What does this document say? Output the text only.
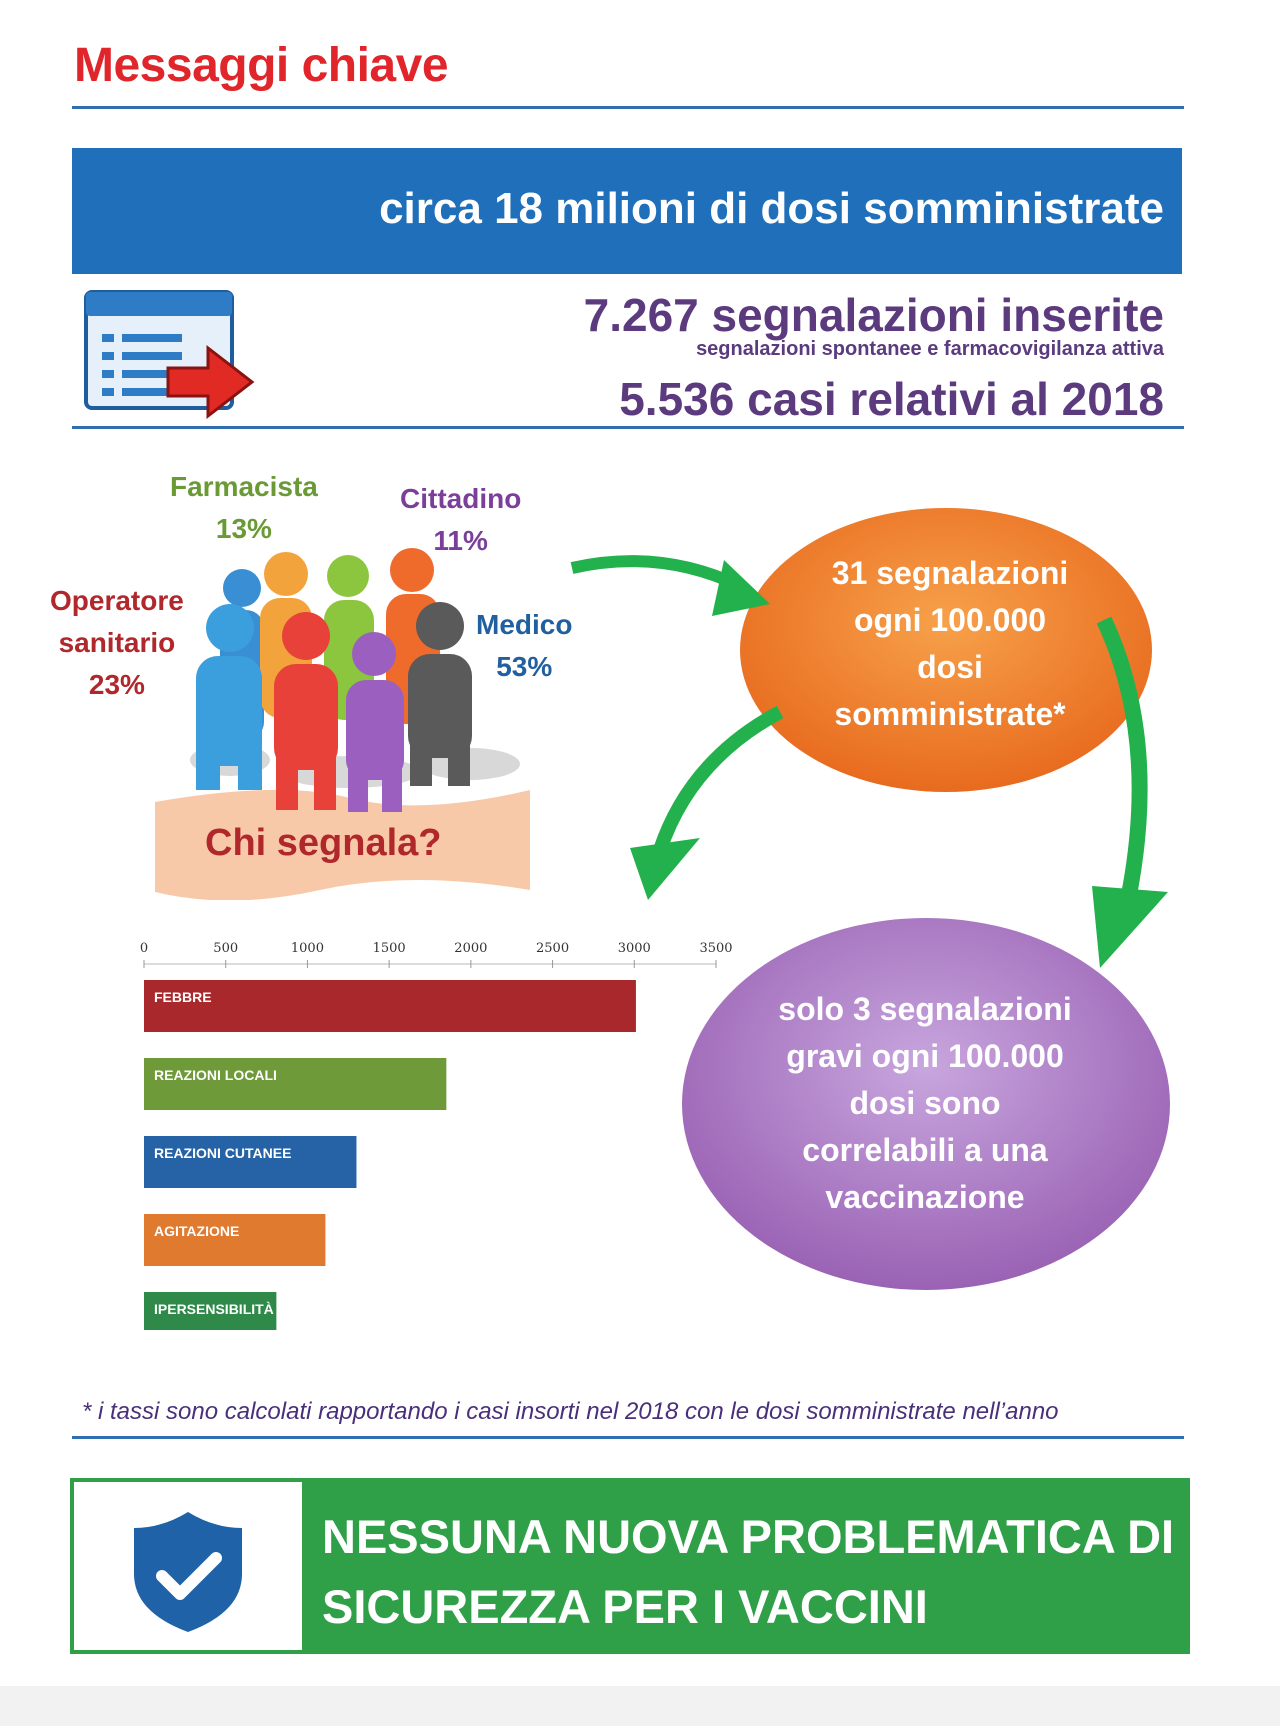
Messaggi chiave
circa 18 milioni di dosi somministrate
7.267 segnalazioni inserite
segnalazioni spontanee e farmacovigilanza attiva
5.536 casi relativi al 2018
Farmacista
13%
Cittadino
11%
Operatore
sanitario
23%
Medico
53%
Chi segnala?
31 segnalazioni
ogni 100.000
dosi
somministrate*
solo 3 segnalazioni
gravi ogni 100.000
dosi sono
correlabili a una
vaccinazione
0	500	1000	1500	2000	2500	3000	3500
FEBBRE
REAZIONI LOCALI
REAZIONI CUTANEE
AGITAZIONE
IPERSENSIBILITÀ
* i tassi sono calcolati rapportando i casi insorti nel 2018 con le dosi somministrate nell’anno
NESSUNA NUOVA PROBLEMATICA DI
SICUREZZA PER I VACCINI
